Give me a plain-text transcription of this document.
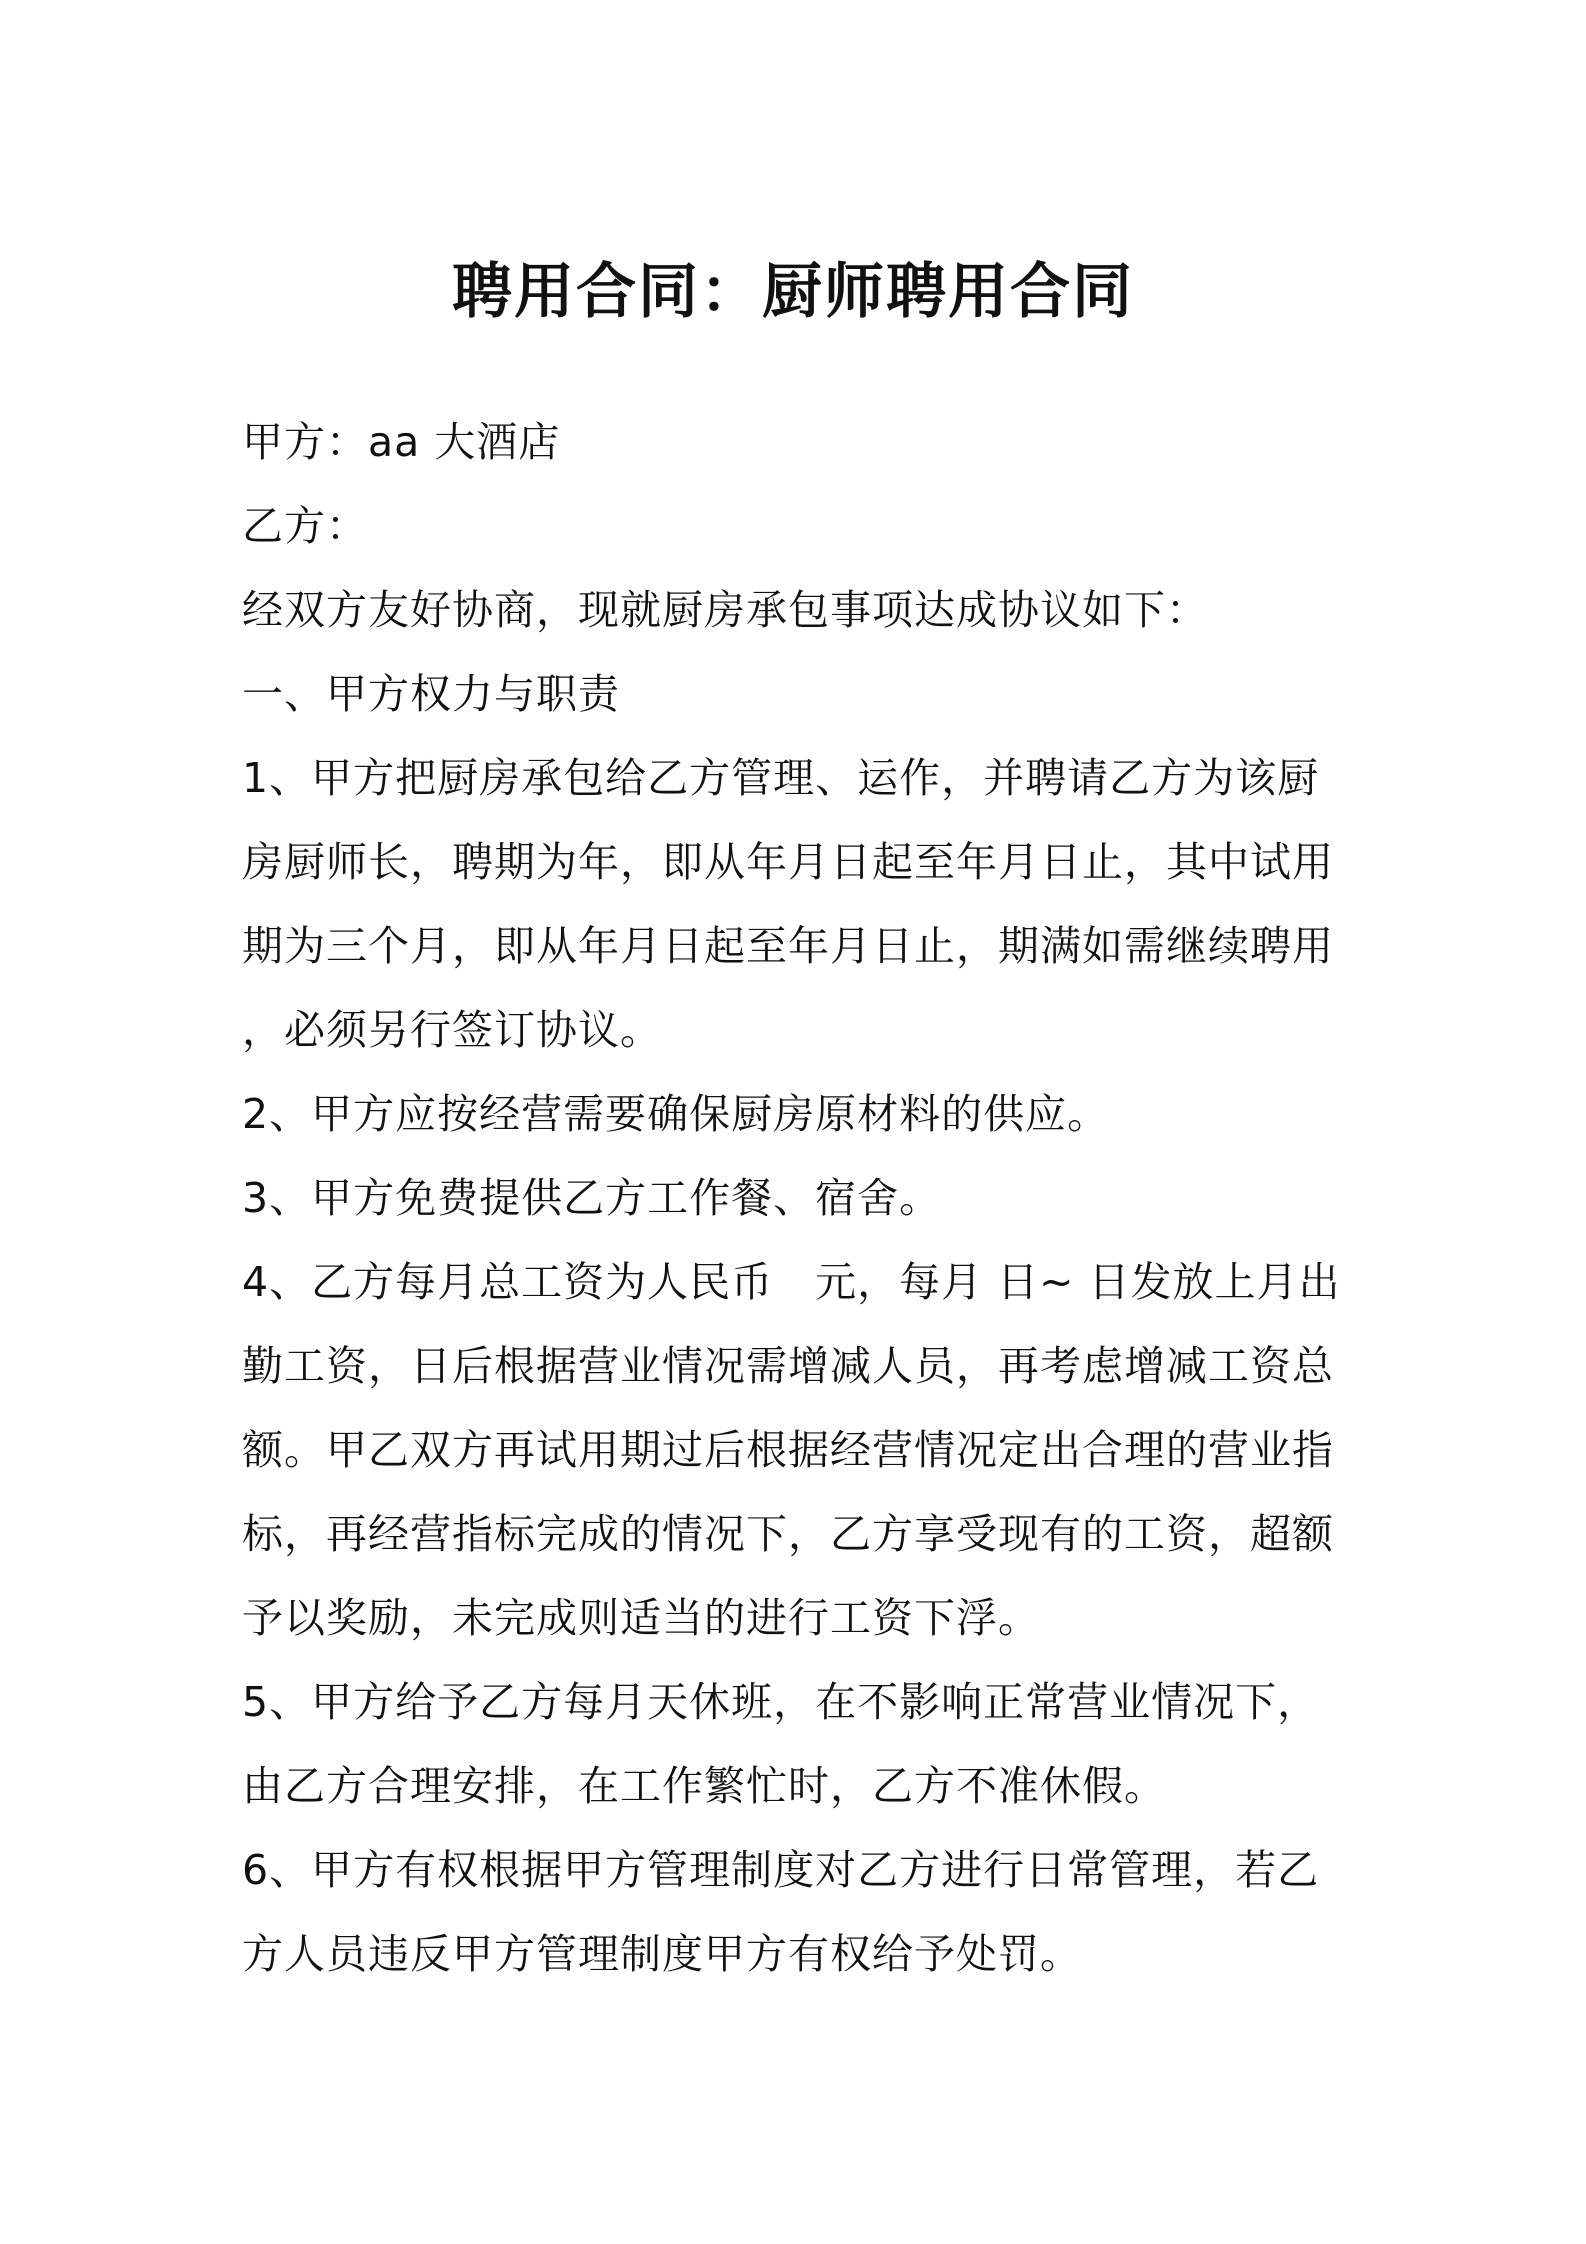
聘用合同：厨师聘用合同
甲方：aa 大酒店
乙方：
经双方友好协商，现就厨房承包事项达成协议如下：
一、甲方权力与职责
1、甲方把厨房承包给乙方管理、运作，并聘请乙方为该厨
房厨师长，聘期为年，即从年月日起至年月日止，其中试用
期为三个月，即从年月日起至年月日止，期满如需继续聘用
，必须另行签订协议。
2、甲方应按经营需要确保厨房原材料的供应。
3、甲方免费提供乙方工作餐、宿舍。
4、乙方每月总工资为人民币　元，每月 日~ 日发放上月出
勤工资，日后根据营业情况需增减人员，再考虑增减工资总
额。甲乙双方再试用期过后根据经营情况定出合理的营业指
标，再经营指标完成的情况下，乙方享受现有的工资，超额
予以奖励，未完成则适当的进行工资下浮。
5、甲方给予乙方每月天休班，在不影响正常营业情况下，
由乙方合理安排，在工作繁忙时，乙方不准休假。
6、甲方有权根据甲方管理制度对乙方进行日常管理，若乙
方人员违反甲方管理制度甲方有权给予处罚。
